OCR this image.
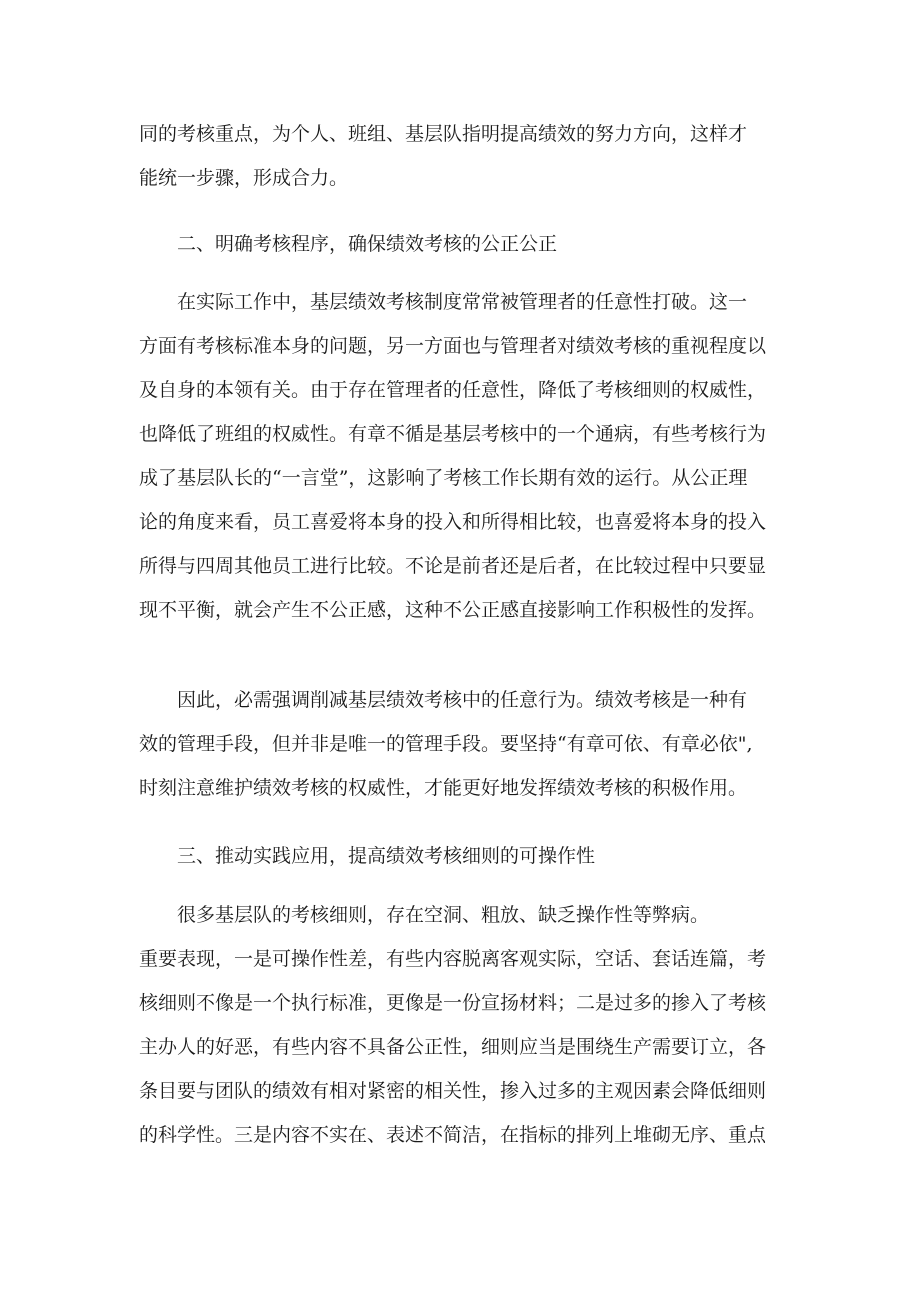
同的考核重点，为个人、班组、基层队指明提高绩效的努力方向，这样才
能统一步骤，形成合力。
二、明确考核程序，确保绩效考核的公正公正
在实际工作中，基层绩效考核制度常常被管理者的任意性打破。这一
方面有考核标准本身的问题，另一方面也与管理者对绩效考核的重视程度以
及自身的本领有关。由于存在管理者的任意性，降低了考核细则的权威性，
也降低了班组的权威性。有章不循是基层考核中的一个通病，有些考核行为
成了基层队长的“一言堂”，这影响了考核工作长期有效的运行。从公正理
论的角度来看，员工喜爱将本身的投入和所得相比较，也喜爱将本身的投入
所得与四周其他员工进行比较。不论是前者还是后者，在比较过程中只要显
现不平衡，就会产生不公正感，这种不公正感直接影响工作积极性的发挥。
因此，必需强调削减基层绩效考核中的任意行为。绩效考核是一种有
效的管理手段，但并非是唯一的管理手段。要坚持“有章可依、有章必依",
时刻注意维护绩效考核的权威性，才能更好地发挥绩效考核的积极作用。
三、推动实践应用，提高绩效考核细则的可操作性
很多基层队的考核细则，存在空洞、粗放、缺乏操作性等弊病。
重要表现，一是可操作性差，有些内容脱离客观实际，空话、套话连篇，考
核细则不像是一个执行标准，更像是一份宣扬材料；二是过多的掺入了考核
主办人的好恶，有些内容不具备公正性，细则应当是围绕生产需要订立，各
条目要与团队的绩效有相对紧密的相关性，掺入过多的主观因素会降低细则
的科学性。三是内容不实在、表述不简洁，在指标的排列上堆砌无序、重点
